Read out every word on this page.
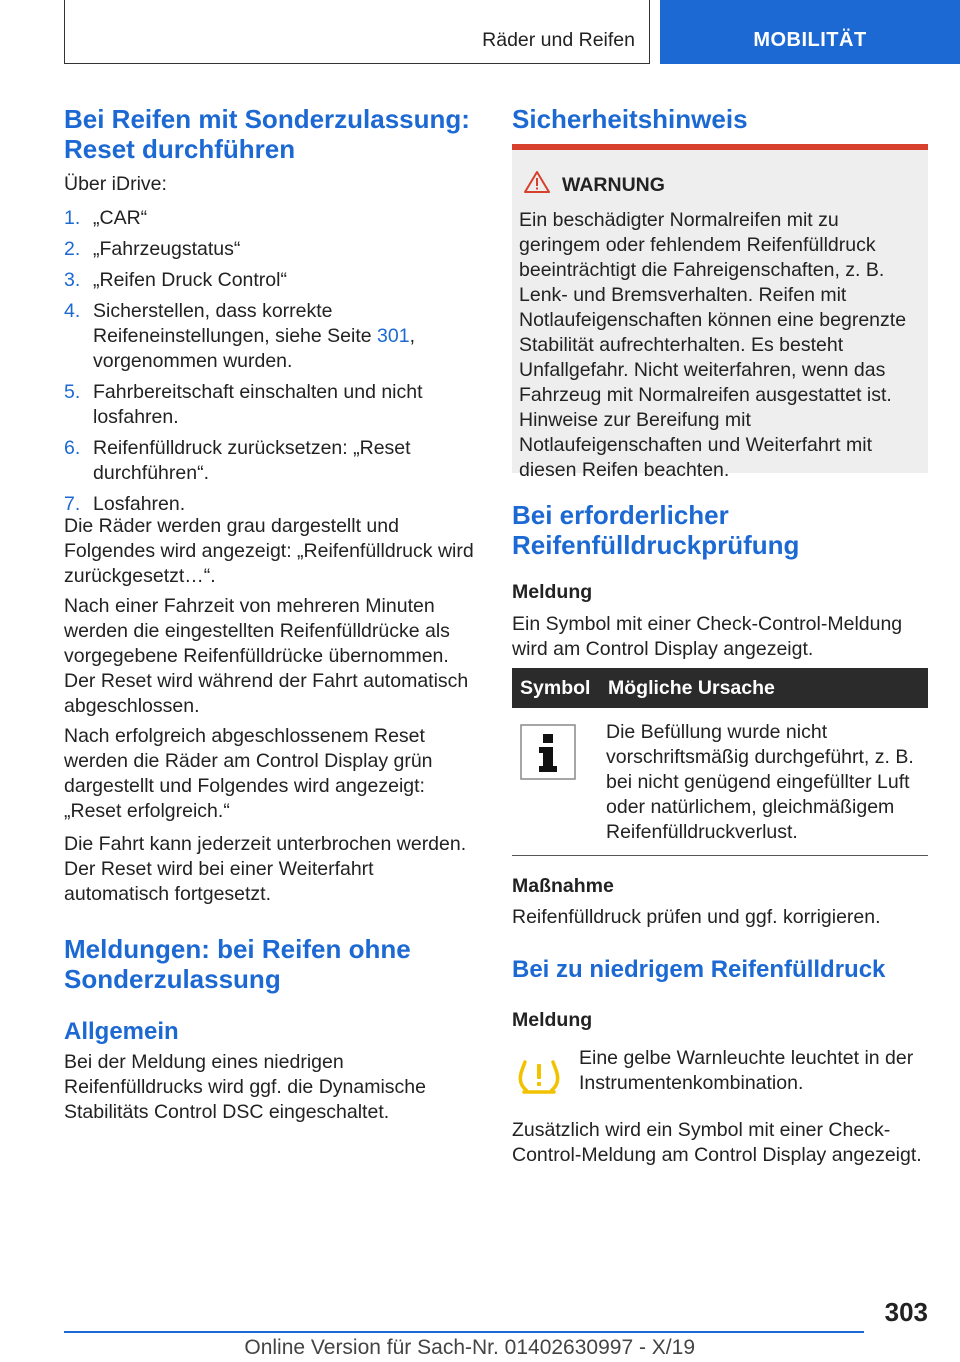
Räder und Reifen	MOBILITÄT
Bei Reifen mit Sonderzulassung: Reset durchführen

Über iDrive:

1. „CAR“
2. „Fahrzeugstatus“
3. „Reifen Druck Control“
4. Sicherstellen, dass korrekte Reifeneinstellungen, siehe Seite 301, vorgenommen wurden.
5. Fahrbereitschaft einschalten und nicht losfahren.
6. Reifenfülldruck zurücksetzen: „Reset durchführen“.
7. Losfahren.

Die Räder werden grau dargestellt und Folgendes wird angezeigt: „Reifenfülldruck wird zurückgesetzt…“.

Nach einer Fahrzeit von mehreren Minuten werden die eingestellten Reifenfülldrücke als vorgegebene Reifenfülldrücke übernommen. Der Reset wird während der Fahrt automatisch abgeschlossen.

Nach erfolgreich abgeschlossenem Reset werden die Räder am Control Display grün dargestellt und Folgendes wird angezeigt: „Reset erfolgreich.“

Die Fahrt kann jederzeit unterbrochen werden. Der Reset wird bei einer Weiterfahrt automatisch fortgesetzt.

Meldungen: bei Reifen ohne Sonderzulassung
Allgemein

Bei der Meldung eines niedrigen Reifenfülldrucks wird ggf. die Dynamische Stabilitäts Control DSC eingeschaltet.

Sicherheitshinweis
WARNUNG

Ein beschädigter Normalreifen mit zu geringem oder fehlendem Reifenfülldruck beeinträchtigt die Fahreigenschaften, z. B. Lenk- und Bremsverhalten. Reifen mit Notlaufeigenschaften können eine begrenzte Stabilität aufrechterhalten. Es besteht Unfallgefahr. Nicht weiterfahren, wenn das Fahrzeug mit Normalreifen ausgestattet ist. Hinweise zur Bereifung mit Notlaufeigenschaften und Weiterfahrt mit diesen Reifen beachten.

Bei erforderlicher Reifenfülldruckprüfung

Meldung

Ein Symbol mit einer Check-Control-Meldung wird am Control Display angezeigt.

Symbol Mögliche Ursache

Die Befüllung wurde nicht vorschriftsmäßig durchgeführt, z. B. bei nicht genügend eingefüllter Luft oder natürlichem, gleichmäßigem Reifenfülldruckverlust.

Maßnahme

Reifenfülldruck prüfen und ggf. korrigieren.

Bei zu niedrigem Reifenfülldruck

Meldung

Eine gelbe Warnleuchte leuchtet in der Instrumentenkombination.

Zusätzlich wird ein Symbol mit einer Check-Control-Meldung am Control Display angezeigt.

303

Online Version für Sach-Nr. 01402630997 - X/19
